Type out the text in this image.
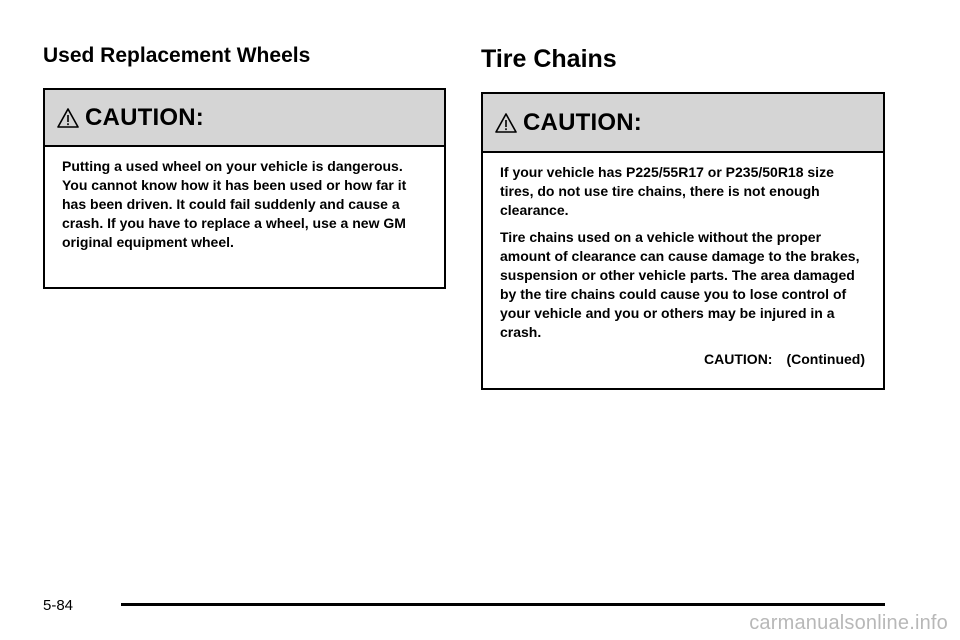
Used Replacement Wheels
CAUTION:

Putting a used wheel on your vehicle is dangerous. You cannot know how it has been used or how far it has been driven. It could fail suddenly and cause a crash. If you have to replace a wheel, use a new GM original equipment wheel.

Tire Chains
CAUTION:

If your vehicle has P225/55R17 or P235/50R18 size tires, do not use tire chains, there is not enough clearance.

Tire chains used on a vehicle without the proper amount of clearance can cause damage to the brakes, suspension or other vehicle parts. The area damaged by the tire chains could cause you to lose control of your vehicle and you or others may be injured in a crash.

CAUTION: (Continued)
5-84
carmanualsonline.info
